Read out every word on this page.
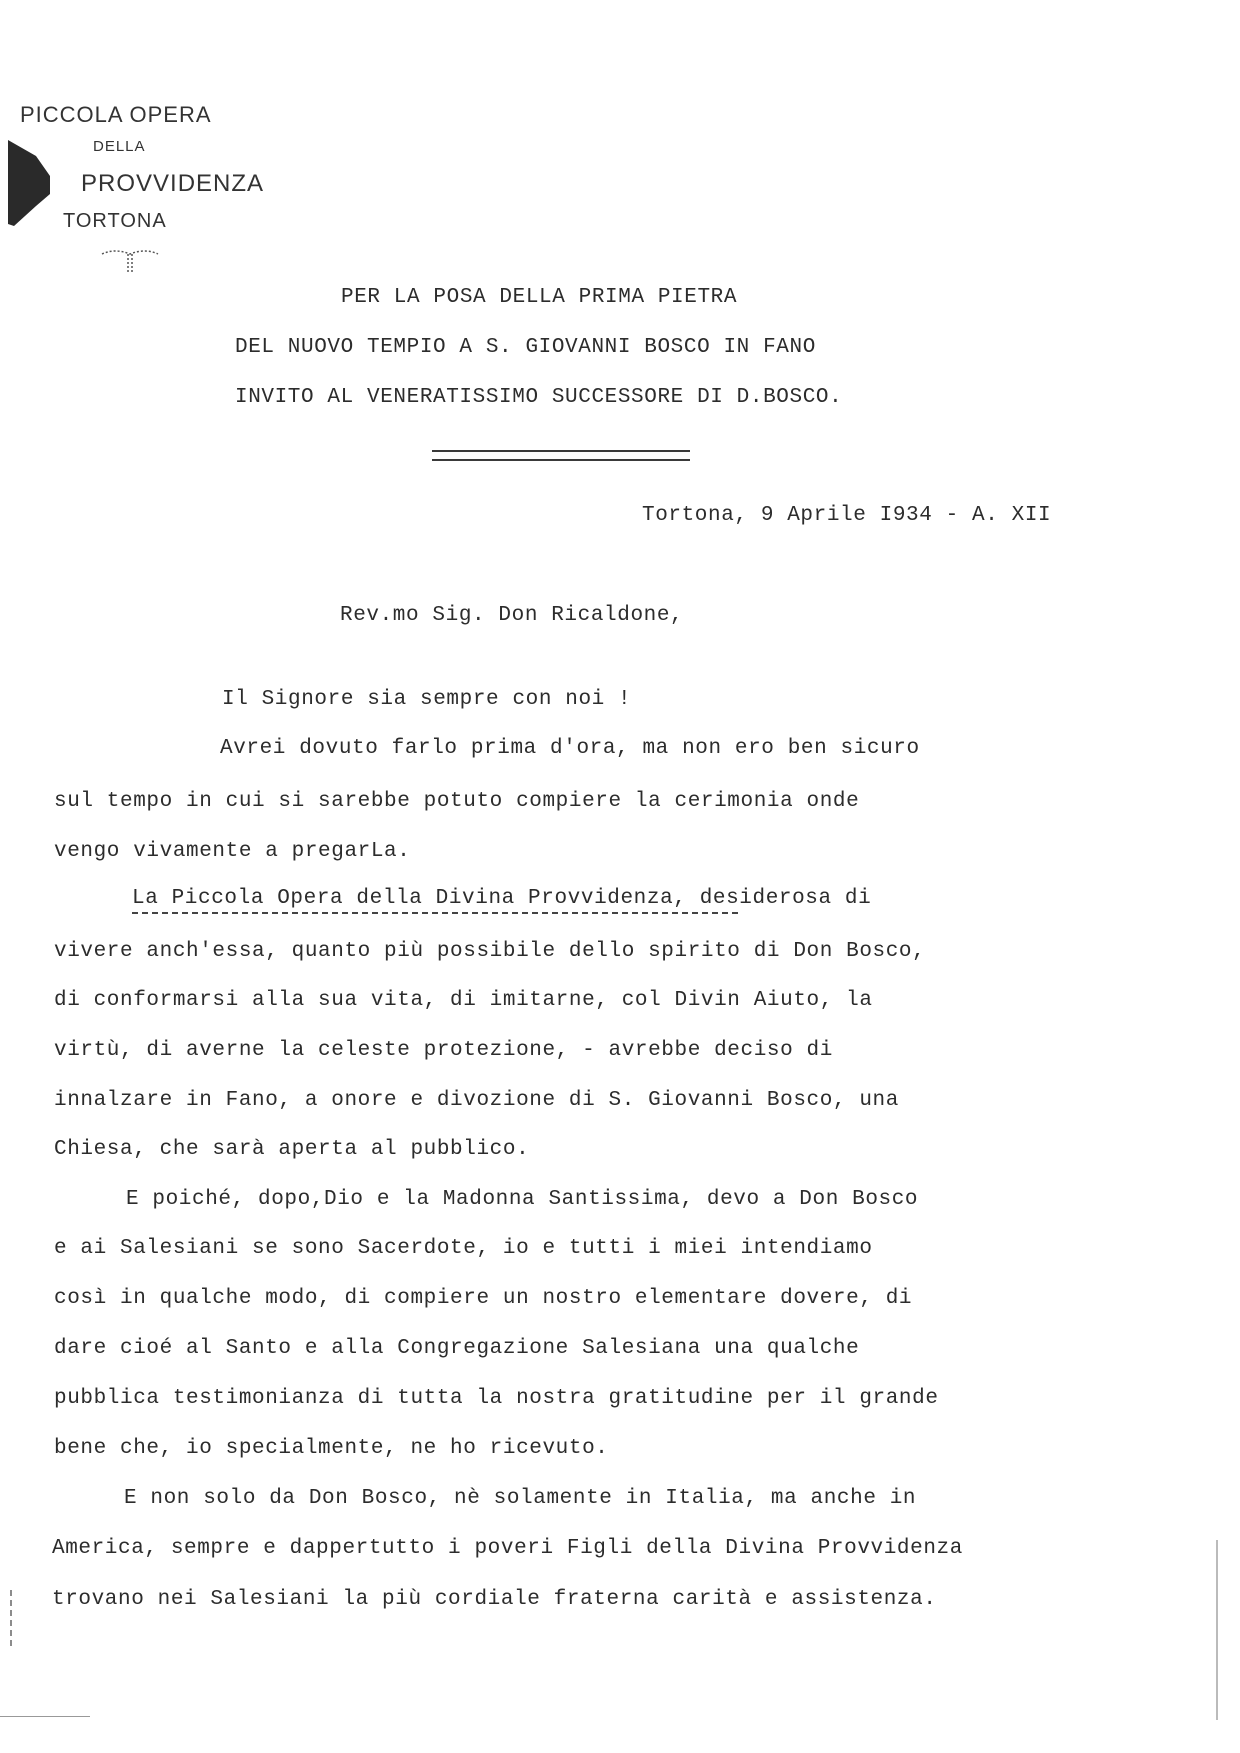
PICCOLA OPERA
DELLA
PROVVIDENZA
TORTONA
PER LA POSA DELLA PRIMA PIETRA
DEL NUOVO TEMPIO A S. GIOVANNI BOSCO IN FANO
INVITO AL VENERATISSIMO SUCCESSORE DI D.BOSCO.
Tortona, 9 Aprile I934 - A. XII
Rev.mo Sig. Don Ricaldone,
Il Signore sia sempre con noi !
Avrei dovuto farlo prima d'ora, ma non ero ben sicuro
sul tempo in cui si sarebbe potuto compiere la cerimonia onde
vengo vivamente a pregarLa.
La Piccola Opera della Divina Provvidenza, desiderosa di
vivere anch'essa, quanto più possibile dello spirito di Don Bosco,
di conformarsi alla sua vita, di imitarne, col Divin Aiuto, la
virtù, di averne la celeste protezione, - avrebbe deciso di
innalzare in Fano, a onore e divozione di S. Giovanni Bosco, una
Chiesa, che sarà aperta al pubblico.
E poiché, dopo,Dio e la Madonna Santissima, devo a Don Bosco
e ai Salesiani se sono Sacerdote, io e tutti i miei intendiamo
così in qualche modo, di compiere un nostro elementare dovere, di
dare cioé al Santo e alla Congregazione Salesiana una qualche
pubblica testimonianza di tutta la nostra gratitudine per il grande
bene che, io specialmente, ne ho ricevuto.
E non solo da Don Bosco, nè solamente in Italia, ma anche in
America, sempre e dappertutto i poveri Figli della Divina Provvidenza
trovano nei Salesiani la più cordiale fraterna carità e assistenza.
